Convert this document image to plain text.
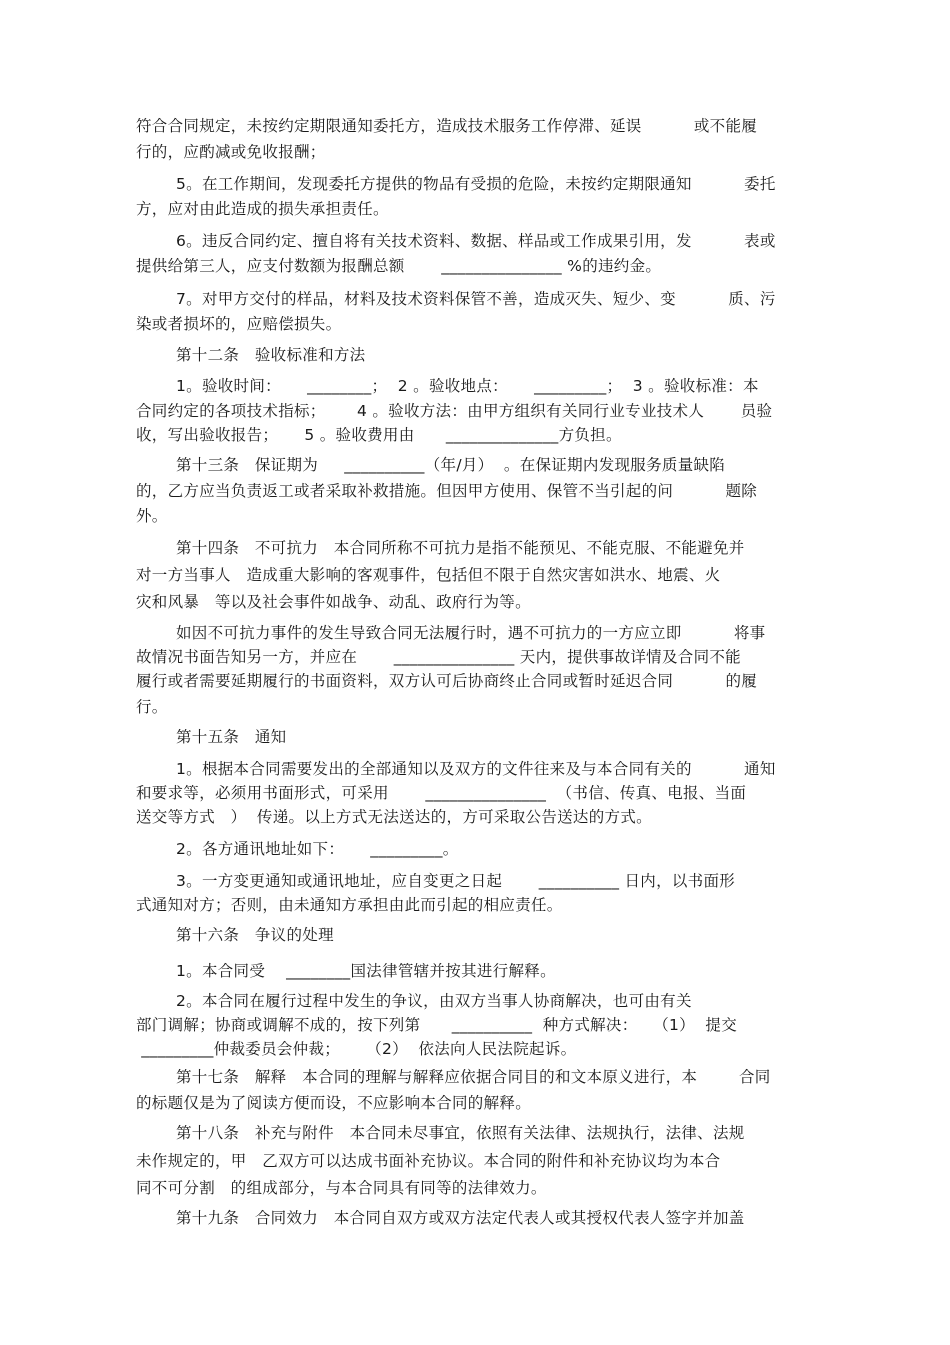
符合合同规定，未按约定期限通知委托方，造成技术服务工作停滞、延误          或不能履
行的，应酌减或免收报酬；
5。在工作期间，发现委托方提供的物品有受损的危险，未按约定期限通知          委托
方，应对由此造成的损失承担责任。
6。违反合同约定、擅自将有关技术资料、数据、样品或工作成果引用，发          表或
提供给第三人，应支付数额为报酬总额       _______________ %的违约金。
7。对甲方交付的样品，材料及技术资料保管不善，造成灭失、短少、变          质、污
染或者损坏的，应赔偿损失。
第十二条   验收标准和方法
1。验收时间：     ________；  2 。验收地点：     _________；  3 。验收标准：本
合同约定的各项技术指标；      4 。验收方法：由甲方组织有关同行业专业技术人       员验
收，写出验收报告；     5 。验收费用由      ______________方负担。
第十三条   保证期为     __________（年/月）  。在保证期内发现服务质量缺陷
的，乙方应当负责返工或者采取补救措施。但因甲方使用、保管不当引起的问          题除
外。
第十四条   不可抗力   本合同所称不可抗力是指不能预见、不能克服、不能避免并
对一方当事人   造成重大影响的客观事件，包括但不限于自然灾害如洪水、地震、火
灾和风暴   等以及社会事件如战争、动乱、政府行为等。
如因不可抗力事件的发生导致合同无法履行时，遇不可抗力的一方应立即          将事
故情况书面告知另一方，并应在       _______________ 天内，提供事故详情及合同不能
履行或者需要延期履行的书面资料，双方认可后协商终止合同或暂时延迟合同          的履
行。
第十五条   通知
1。根据本合同需要发出的全部通知以及双方的文件往来及与本合同有关的          通知
和要求等，必须用书面形式，可采用       _______________  （书信、传真、电报、当面
送交等方式   ）  传递。以上方式无法送达的，方可采取公告送达的方式。
2。各方通讯地址如下：     _________。
3。一方变更通知或通讯地址，应自变更之日起       __________ 日内，以书面形
式通知对方；否则，由未通知方承担由此而引起的相应责任。
第十六条   争议的处理
1。本合同受    ________国法律管辖并按其进行解释。
2。本合同在履行过程中发生的争议，由双方当事人协商解决，也可由有关
部门调解；协商或调解不成的，按下列第      __________  种方式解决：   （1）  提交
_________仲裁委员会仲裁；     （2）  依法向人民法院起诉。
第十七条   解释   本合同的理解与解释应依据合同目的和文本原义进行，本        合同
的标题仅是为了阅读方便而设，不应影响本合同的解释。
第十八条   补充与附件   本合同未尽事宜，依照有关法律、法规执行，法律、法规
未作规定的，甲   乙双方可以达成书面补充协议。本合同的附件和补充协议均为本合
同不可分割   的组成部分，与本合同具有同等的法律效力。
第十九条   合同效力   本合同自双方或双方法定代表人或其授权代表人签字并加盖
